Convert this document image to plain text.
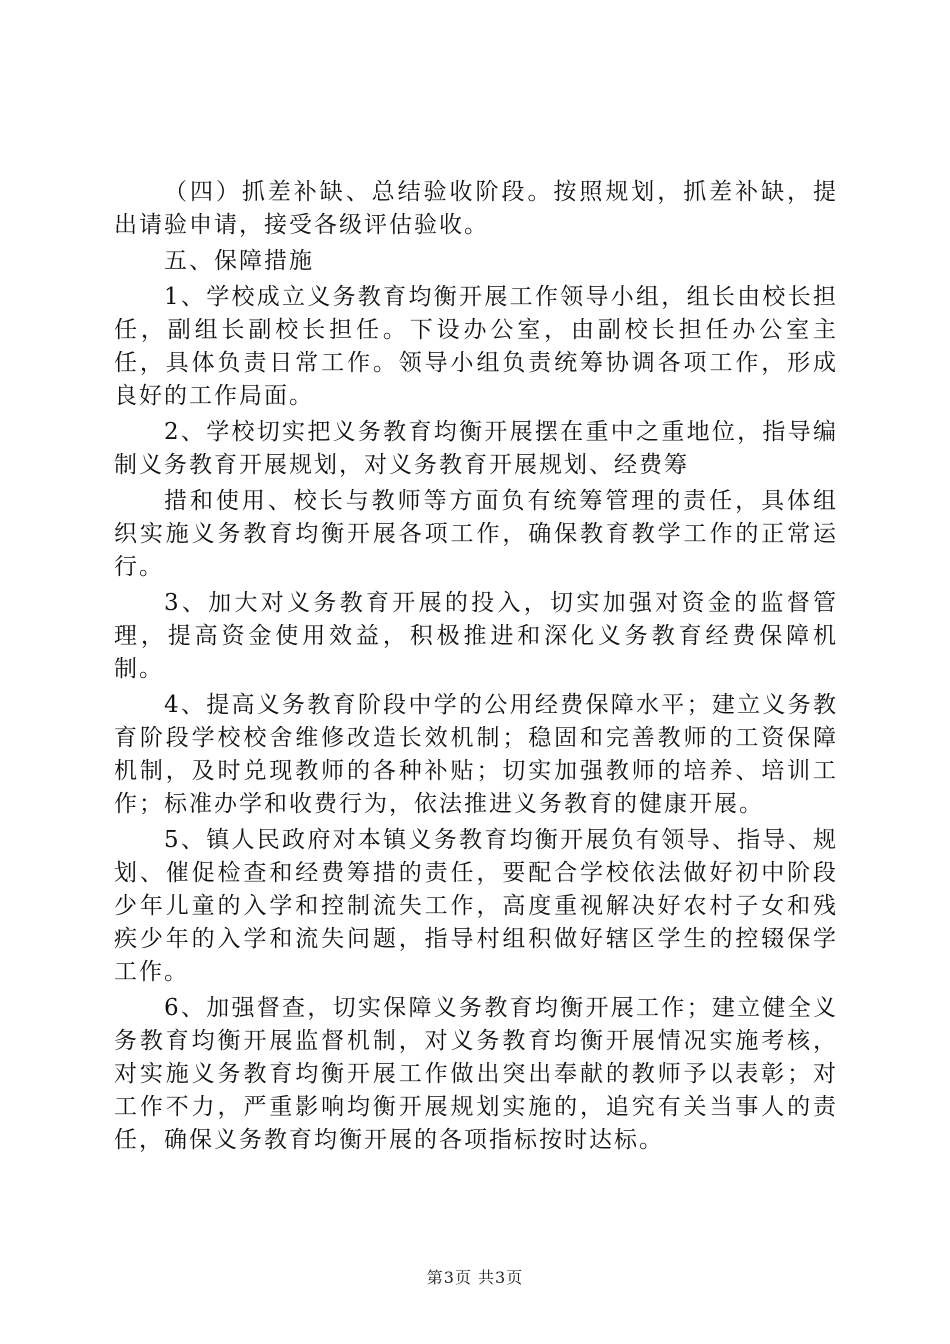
（四）抓差补缺、总结验收阶段。按照规划，抓差补缺，提出请验申请，接受各级评估验收。

五、保障措施

1、学校成立义务教育均衡开展工作领导小组，组长由校长担任，副组长副校长担任。下设办公室，由副校长担任办公室主任，具体负责日常工作。领导小组负责统筹协调各项工作，形成良好的工作局面。

2、学校切实把义务教育均衡开展摆在重中之重地位，指导编制义务教育开展规划，对义务教育开展规划、经费筹

措和使用、校长与教师等方面负有统筹管理的责任，具体组织实施义务教育均衡开展各项工作，确保教育教学工作的正常运行。

3、加大对义务教育开展的投入，切实加强对资金的监督管理，提高资金使用效益，积极推进和深化义务教育经费保障机制。

4、提高义务教育阶段中学的公用经费保障水平；建立义务教育阶段学校校舍维修改造长效机制；稳固和完善教师的工资保障机制，及时兑现教师的各种补贴；切实加强教师的培养、培训工作；标准办学和收费行为，依法推进义务教育的健康开展。

5、镇人民政府对本镇义务教育均衡开展负有领导、指导、规划、催促检查和经费筹措的责任，要配合学校依法做好初中阶段少年儿童的入学和控制流失工作，高度重视解决好农村子女和残疾少年的入学和流失问题，指导村组积做好辖区学生的控辍保学工作。

6、加强督查，切实保障义务教育均衡开展工作；建立健全义务教育均衡开展监督机制，对义务教育均衡开展情况实施考核，对实施义务教育均衡开展工作做出突出奉献的教师予以表彰；对工作不力，严重影响均衡开展规划实施的，追究有关当事人的责任，确保义务教育均衡开展的各项指标按时达标。

第3页 共3页
